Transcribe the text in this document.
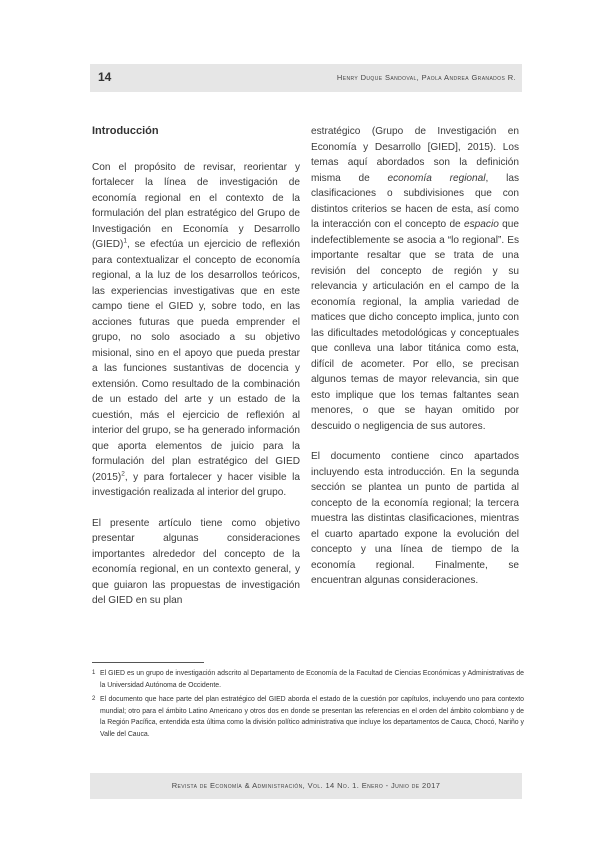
14	Henry Duque Sandoval, Paola Andrea Granados R.
Introducción

Con el propósito de revisar, reorientar y fortalecer la línea de investigación de economía regional en el contexto de la formulación del plan estratégico del Grupo de Investigación en Economía y Desarrollo (GIED)$^1$, se efectúa un ejercicio de reflexión para contextualizar el concepto de economía regional, a la luz de los desarrollos teóricos, las experiencias investigativas que en este campo tiene el GIED y, sobre todo, en las acciones futuras que pueda emprender el grupo, no solo asociado a su objetivo misional, sino en el apoyo que pueda prestar a las funciones sustantivas de docencia y extensión. Como resultado de la combinación de un estado del arte y un estado de la cuestión, más el ejercicio de reflexión al interior del grupo, se ha generado información que aporta elementos de juicio para la formulación del plan estratégico del GIED (2015)$^2$, y para fortalecer y hacer visible la investigación realizada al interior del grupo.

El presente artículo tiene como objetivo presentar algunas consideraciones importantes alrededor del concepto de la economía regional, en un contexto general, y que guiaron las propuestas de investigación del GIED en su plan

estratégico (Grupo de Investigación en Economía y Desarrollo [GIED], 2015). Los temas aquí abordados son la definición misma de economía regional, las clasificaciones o subdivisiones que con distintos criterios se hacen de esta, así como la interacción con el concepto de espacio que indefectiblemente se asocia a “lo regional”. Es importante resaltar que se trata de una revisión del concepto de región y su relevancia y articulación en el campo de la economía regional, la amplia variedad de matices que dicho concepto implica, junto con las dificultades metodológicas y conceptuales que conlleva una labor titánica como esta, difícil de acometer. Por ello, se precisan algunos temas de mayor relevancia, sin que esto implique que los temas faltantes sean menores, o que se hayan omitido por descuido o negligencia de sus autores.

El documento contiene cinco apartados incluyendo esta introducción. En la segunda sección se plantea un punto de partida al concepto de la economía regional; la tercera muestra las distintas clasificaciones, mientras el cuarto apartado expone la evolución del concepto y una línea de tiempo de la economía regional. Finalmente, se encuentran algunas consideraciones.

1 El GIED es un grupo de investigación adscrito al Departamento de Economía de la Facultad de Ciencias Económicas y Administrativas de la Universidad Autónoma de Occidente.
2 El documento que hace parte del plan estratégico del GIED aborda el estado de la cuestión por capítulos, incluyendo uno para contexto mundial; otro para el ámbito Latino Americano y otros dos en donde se presentan las referencias en el orden del ámbito colombiano y de la Región Pacífica, entendida esta última como la división político administrativa que incluye los departamentos de Cauca, Chocó, Nariño y Valle del Cauca.
Revista de Economía & Administración, Vol. 14 No. 1. Enero - Junio de 2017
